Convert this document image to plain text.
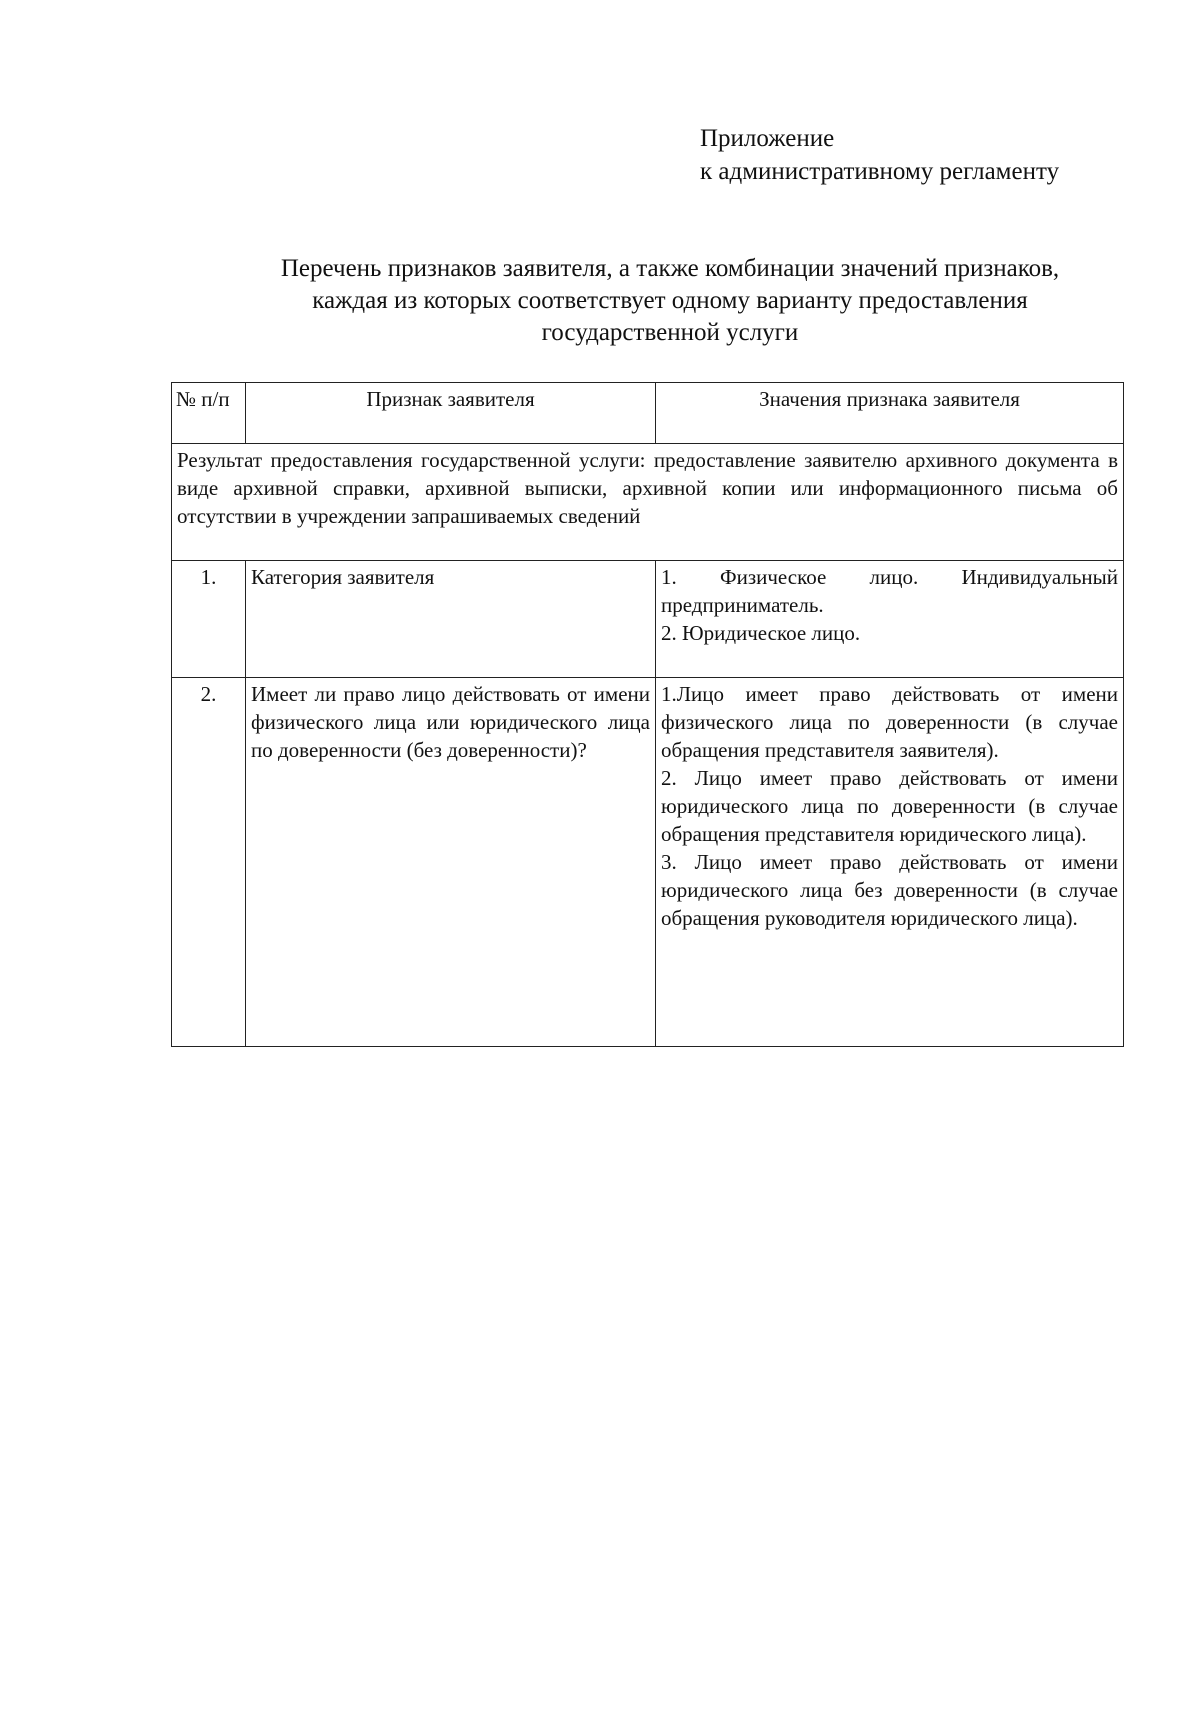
Приложение
к административному регламенту
Перечень признаков заявителя, а также комбинации значений признаков,
каждая из которых соответствует одному варианту предоставления
государственной услуги
№ п/п	Признак заявителя	Значения признака заявителя
Результат предоставления государственной услуги: предоставление заявителю архивного документа в виде архивной справки, архивной выписки, архивной копии или информационного письма об отсутствии в учреждении запрашиваемых сведений		
1.	Категория заявителя	1. Физическое лицо. Индивидуальный предприниматель.
2. Юридическое лицо.

2.	Имеет ли право лицо действовать от имени физического лица или юридического лица по доверенности (без доверенности)?	1.Лицо имеет право действовать от имени физического лица по доверенности (в случае обращения представителя заявителя).
2. Лицо имеет право действовать от имени юридического лица по доверенности (в случае обращения представителя юридического лица).
3. Лицо имеет право действовать от имени юридического лица без доверенности (в случае обращения руководителя юридического лица).
